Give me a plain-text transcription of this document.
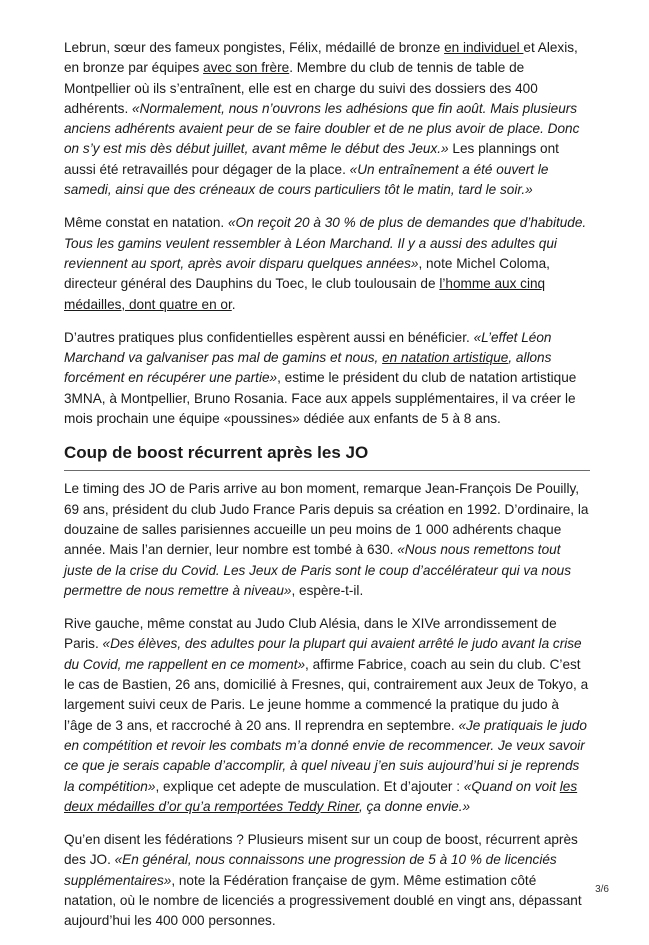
Lebrun, sœur des fameux pongistes, Félix, médaillé de bronze en individuel et Alexis, en bronze par équipes avec son frère. Membre du club de tennis de table de Montpellier où ils s’entraînent, elle est en charge du suivi des dossiers des 400 adhérents. «Normalement, nous n’ouvrons les adhésions que fin août. Mais plusieurs anciens adhérents avaient peur de se faire doubler et de ne plus avoir de place. Donc on s’y est mis dès début juillet, avant même le début des Jeux.» Les plannings ont aussi été retravaillés pour dégager de la place. «Un entraînement a été ouvert le samedi, ainsi que des créneaux de cours particuliers tôt le matin, tard le soir.»

Même constat en natation. «On reçoit 20 à 30 % de plus de demandes que d’habitude. Tous les gamins veulent ressembler à Léon Marchand. Il y a aussi des adultes qui reviennent au sport, après avoir disparu quelques années», note Michel Coloma, directeur général des Dauphins du Toec, le club toulousain de l’homme aux cinq médailles, dont quatre en or.

D’autres pratiques plus confidentielles espèrent aussi en bénéficier. «L’effet Léon Marchand va galvaniser pas mal de gamins et nous, en natation artistique, allons forcément en récupérer une partie», estime le président du club de natation artistique 3MNA, à Montpellier, Bruno Rosania. Face aux appels supplémentaires, il va créer le mois prochain une équipe «poussines» dédiée aux enfants de 5 à 8 ans.

Coup de boost récurrent après les JO

Le timing des JO de Paris arrive au bon moment, remarque Jean-François De Pouilly, 69 ans, président du club Judo France Paris depuis sa création en 1992. D’ordinaire, la douzaine de salles parisiennes accueille un peu moins de 1 000 adhérents chaque année. Mais l’an dernier, leur nombre est tombé à 630. «Nous nous remettons tout juste de la crise du Covid. Les Jeux de Paris sont le coup d’accélérateur qui va nous permettre de nous remettre à niveau», espère-t-il.

Rive gauche, même constat au Judo Club Alésia, dans le XIVe arrondissement de Paris. «Des élèves, des adultes pour la plupart qui avaient arrêté le judo avant la crise du Covid, me rappellent en ce moment», affirme Fabrice, coach au sein du club. C’est le cas de Bastien, 26 ans, domicilié à Fresnes, qui, contrairement aux Jeux de Tokyo, a largement suivi ceux de Paris. Le jeune homme a commencé la pratique du judo à l’âge de 3 ans, et raccroché à 20 ans. Il reprendra en septembre. «Je pratiquais le judo en compétition et revoir les combats m’a donné envie de recommencer. Je veux savoir ce que je serais capable d’accomplir, à quel niveau j’en suis aujourd’hui si je reprends la compétition», explique cet adepte de musculation. Et d’ajouter : «Quand on voit les deux médailles d’or qu’a remportées Teddy Riner, ça donne envie.»

Qu’en disent les fédérations ? Plusieurs misent sur un coup de boost, récurrent après des JO. «En général, nous connaissons une progression de 5 à 10 % de licenciés supplémentaires», note la Fédération française de gym. Même estimation côté natation, où le nombre de licenciés a progressivement doublé en vingt ans, dépassant aujourd’hui les 400 000 personnes.

3/6
